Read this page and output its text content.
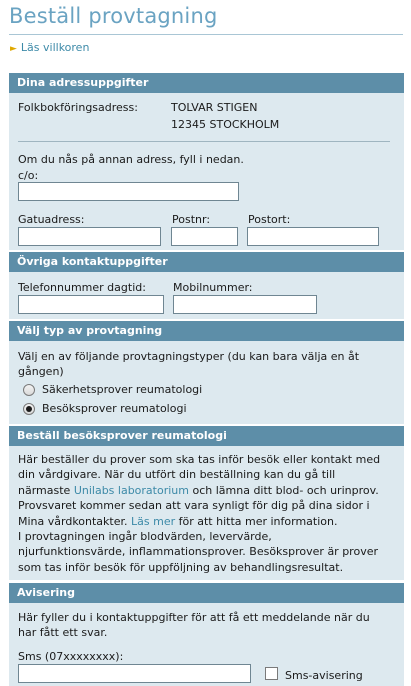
Beställ provtagning
► Läs villkoren
Dina adressuppgifter
Folkbokföringsadress:	TOLVAR STIGEN
12345 STOCKHOLM
Om du nås på annan adress, fyll i nedan.
c/o:
Gatuadress:	Postnr:	Postort:
Övriga kontaktuppgifter
Telefonnummer dagtid: Mobilnummer:
Välj typ av provtagning
Välj en av följande provtagningstyper (du kan bara välja en åt
gången)
Säkerhetsprover reumatologi
Besöksprover reumatologi
Beställ besöksprover reumatologi
Här beställer du prover som ska tas inför besök eller kontakt med
din vårdgivare. När du utfört din beställning kan du gå till
närmaste Unilabs laboratorium och lämna ditt blod- och urinprov.
Provsvaret kommer sedan att vara synligt för dig på dina sidor i
Mina vårdkontakter. Läs mer för att hitta mer information.
I provtagningen ingår blodvärden, levervärde,
njurfunktionsvärde, inflammationsprover. Besöksprover är prover
som tas inför besök för uppföljning av behandlingsresultat.
Avisering
Här fyller du i kontaktuppgifter för att få ett meddelande när du
har fått ett svar.
Sms (07xxxxxxxx):
Sms-avisering
